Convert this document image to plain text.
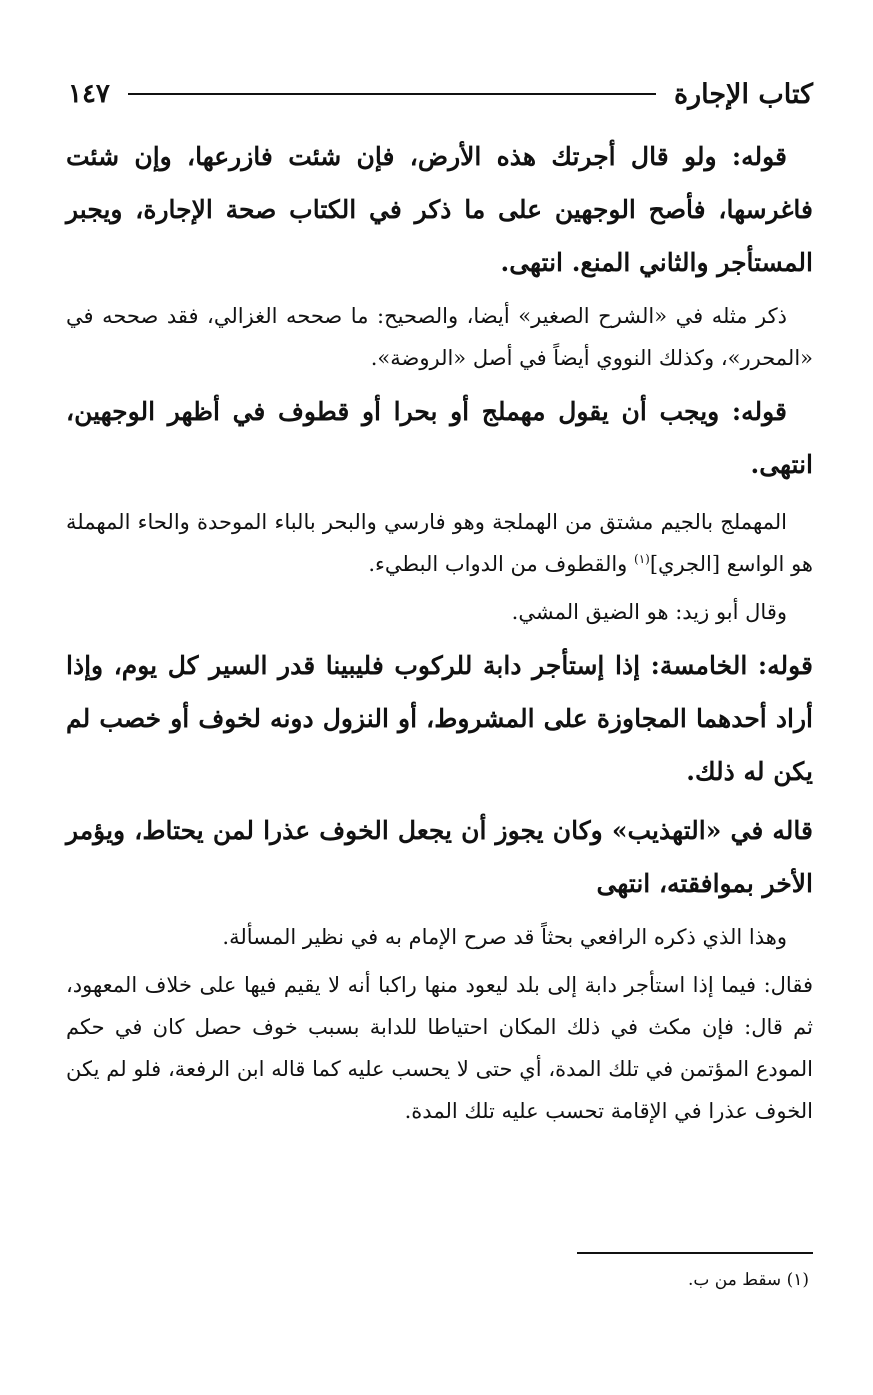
كتاب الإجارة
١٤٧

قوله: ولو قال أجرتك هذه الأرض، فإن شئت فازرعها، وإن شئت فاغرسها، فأصح الوجهين على ما ذكر في الكتاب صحة الإجارة، ويجبر المستأجر والثاني المنع. انتهى.

ذكر مثله في «الشرح الصغير» أيضا، والصحيح: ما صححه الغزالي، فقد صححه في «المحرر»، وكذلك النووي أيضاً في أصل «الروضة».

قوله: ويجب أن يقول مهملج أو بحرا أو قطوف في أظهر الوجهين، انتهى.

المهملج بالجيم مشتق من الهملجة وهو فارسي والبحر بالباء الموحدة والحاء المهملة هو الواسع [الجري]$^{(١)}$ والقطوف من الدواب البطيء.

وقال أبو زيد: هو الضيق المشي.

قوله: الخامسة: إذا إستأجر دابة للركوب فليبينا قدر السير كل يوم، وإذا أراد أحدهما المجاوزة على المشروط، أو النزول دونه لخوف أو خصب لم يكن له ذلك.

قاله في «التهذيب» وكان يجوز أن يجعل الخوف عذرا لمن يحتاط، ويؤمر الأخر بموافقته، انتهى

وهذا الذي ذكره الرافعي بحثاً قد صرح الإمام به في نظير المسألة.

فقال: فيما إذا استأجر دابة إلى بلد ليعود منها راكبا أنه لا يقيم فيها على خلاف المعهود، ثم قال: فإن مكث في ذلك المكان احتياطا للدابة بسبب خوف حصل كان في حكم المودع المؤتمن في تلك المدة، أي حتى لا يحسب عليه كما قاله ابن الرفعة، فلو لم يكن الخوف عذرا في الإقامة تحسب عليه تلك المدة.

(١) سقط من ب.
